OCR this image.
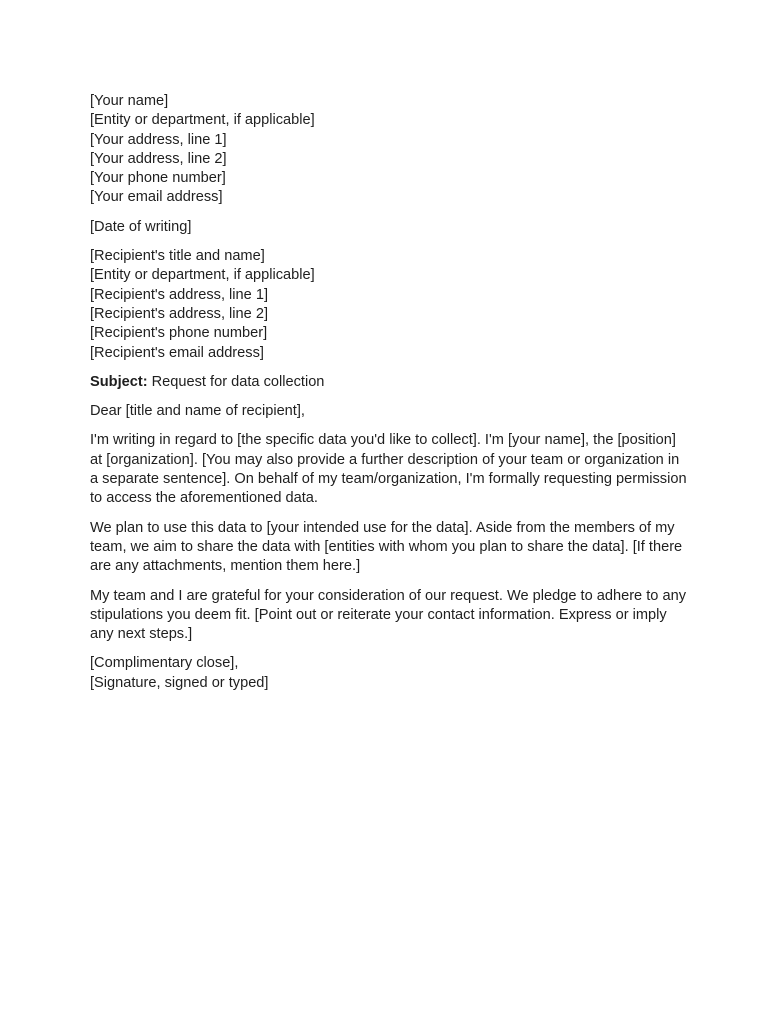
[Your name]
[Entity or department, if applicable]
[Your address, line 1]
[Your address, line 2]
[Your phone number]
[Your email address]
[Date of writing]
[Recipient's title and name]
[Entity or department, if applicable]
[Recipient's address, line 1]
[Recipient's address, line 2]
[Recipient's phone number]
[Recipient's email address]

Subject: Request for data collection

Dear [title and name of recipient],

I'm writing in regard to [the specific data you'd like to collect]. I'm [your name], the [position] at [organization]. [You may also provide a further description of your team or organization in a separate sentence]. On behalf of my team/organization, I'm formally requesting permission to access the aforementioned data.

We plan to use this data to [your intended use for the data]. Aside from the members of my team, we aim to share the data with [entities with whom you plan to share the data]. [If there are any attachments, mention them here.]

My team and I are grateful for your consideration of our request. We pledge to adhere to any stipulations you deem fit. [Point out or reiterate your contact information. Express or imply any next steps.]

[Complimentary close],
[Signature, signed or typed]
